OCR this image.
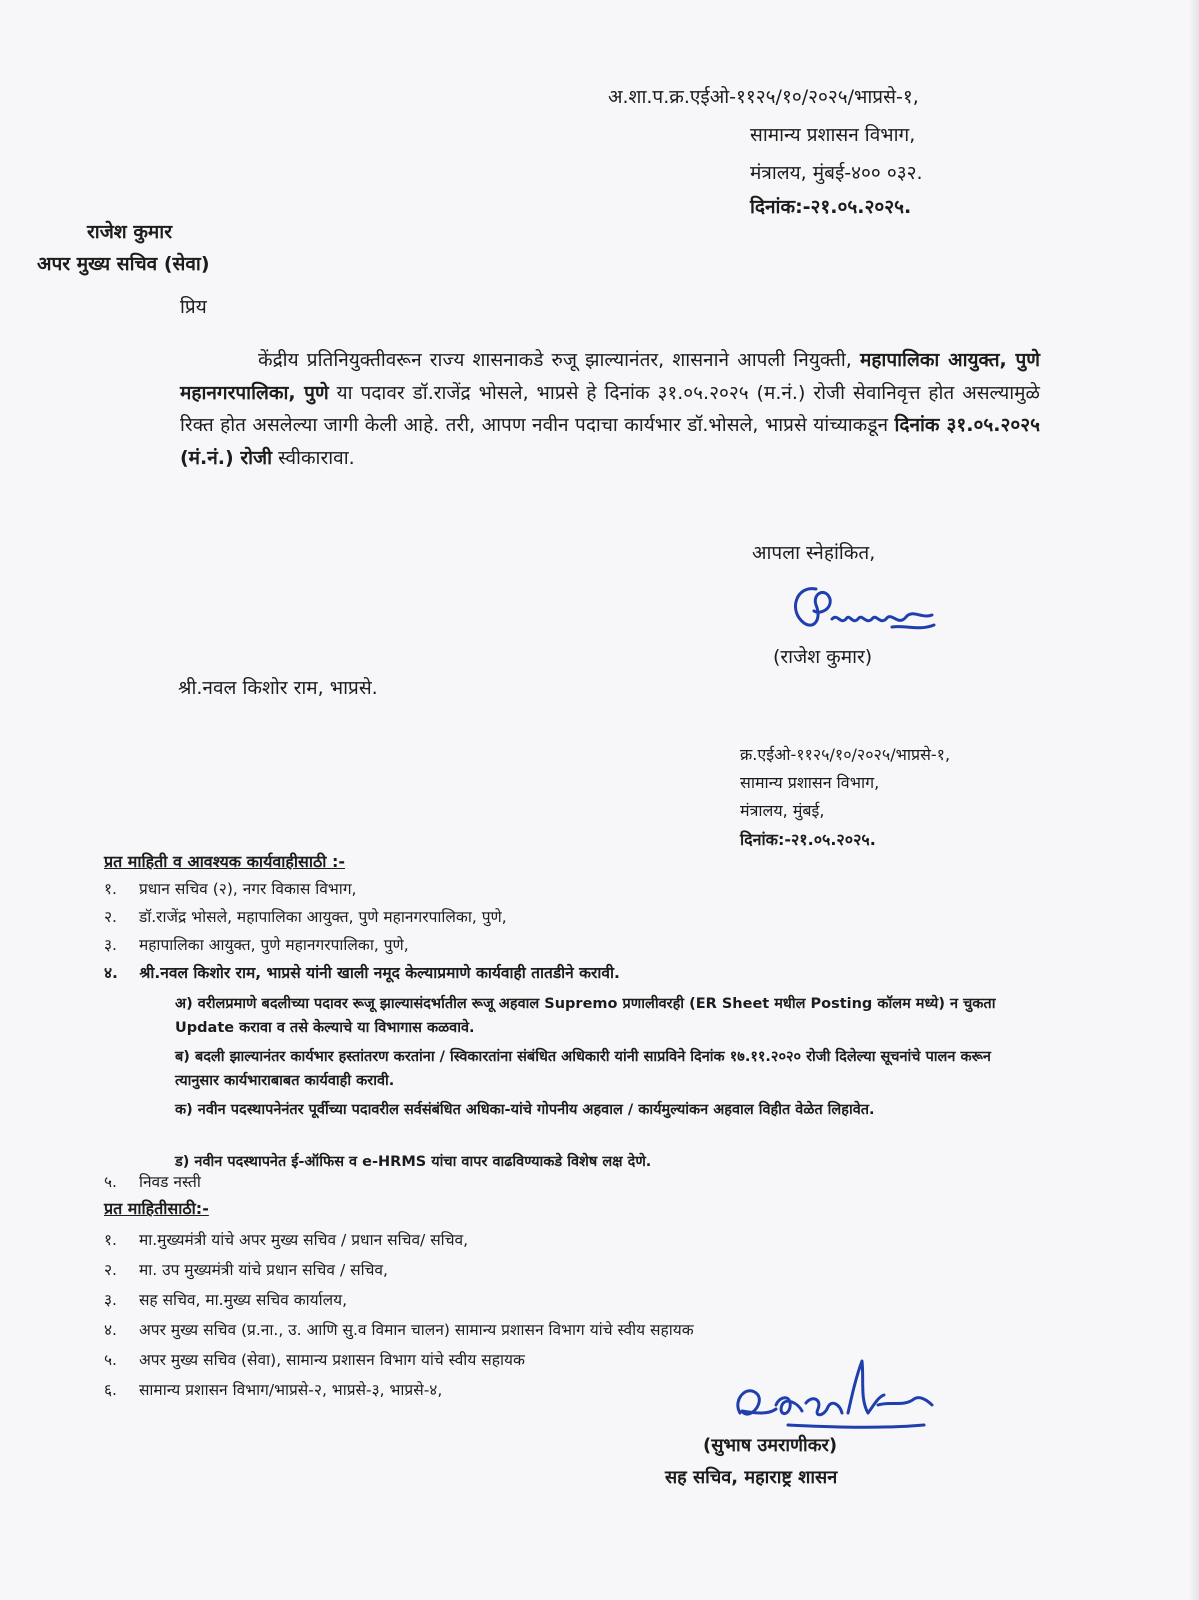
अ.शा.प.क्र.एईओ-११२५/१०/२०२५/भाप्रसे-१,
सामान्य प्रशासन विभाग,
मंत्रालय, मुंबई-४०० ०३२.
दिनांक:-२१.०५.२०२५.
राजेश कुमार
अपर मुख्य सचिव (सेवा)
प्रिय
केंद्रीय प्रतिनियुक्तीवरून राज्य शासनाकडे रुजू झाल्यानंतर, शासनाने आपली नियुक्ती, महापालिका आयुक्त, पुणे महानगरपालिका, पुणे या पदावर डॉ.राजेंद्र भोसले, भाप्रसे हे दिनांक ३१.०५.२०२५ (म.नं.) रोजी सेवानिवृत्त होत असल्यामुळे रिक्त होत असलेल्या जागी केली आहे. तरी, आपण नवीन पदाचा कार्यभार डॉ.भोसले, भाप्रसे यांच्याकडून दिनांक ३१.०५.२०२५ (मं.नं.) रोजी स्वीकारावा.
आपला स्नेहांकित,
(राजेश कुमार)
श्री.नवल किशोर राम, भाप्रसे.
क्र.एईओ-११२५/१०/२०२५/भाप्रसे-१,
सामान्य प्रशासन विभाग,
मंत्रालय, मुंबई,
दिनांक:-२१.०५.२०२५.
प्रत माहिती व आवश्यक कार्यवाहीसाठी :-
१. प्रधान सचिव (२), नगर विकास विभाग,
२. डॉ.राजेंद्र भोसले, महापालिका आयुक्त, पुणे महानगरपालिका, पुणे,
३. महापालिका आयुक्त, पुणे महानगरपालिका, पुणे,
४. श्री.नवल किशोर राम, भाप्रसे यांनी खाली नमूद केल्याप्रमाणे कार्यवाही तातडीने करावी.
अ) वरीलप्रमाणे बदलीच्या पदावर रूजू झाल्यासंदर्भातील रूजू अहवाल Supremo प्रणालीवरही (ER Sheet मधील Posting कॉलम मध्ये) न चुकता Update करावा व तसे केल्याचे या विभागास कळवावे.
ब) बदली झाल्यानंतर कार्यभार हस्तांतरण करतांना / स्विकारतांना संबंधित अधिकारी यांनी साप्रविने दिनांक १७.११.२०२० रोजी दिलेल्या सूचनांचे पालन करून त्यानुसार कार्यभाराबाबत कार्यवाही करावी.
क) नवीन पदस्थापनेनंतर पूर्वीच्या पदावरील सर्वसंबंधित अधिका-यांचे गोपनीय अहवाल / कार्यमुल्यांकन अहवाल विहीत वेळेत लिहावेत.
ड) नवीन पदस्थापनेत ई-ऑफिस व e-HRMS यांचा वापर वाढविण्याकडे विशेष लक्ष देणे.
५. निवड नस्ती
प्रत माहितीसाठी:-
१. मा.मुख्यमंत्री यांचे अपर मुख्य सचिव / प्रधान सचिव/ सचिव,
२. मा. उप मुख्यमंत्री यांचे प्रधान सचिव / सचिव,
३. सह सचिव, मा.मुख्य सचिव कार्यालय,
४. अपर मुख्य सचिव (प्र.ना., उ. आणि सु.व विमान चालन) सामान्य प्रशासन विभाग यांचे स्वीय सहायक
५. अपर मुख्य सचिव (सेवा), सामान्य प्रशासन विभाग यांचे स्वीय सहायक
६. सामान्य प्रशासन विभाग/भाप्रसे-२, भाप्रसे-३, भाप्रसे-४,
(सुभाष उमराणीकर)
सह सचिव, महाराष्ट्र शासन
